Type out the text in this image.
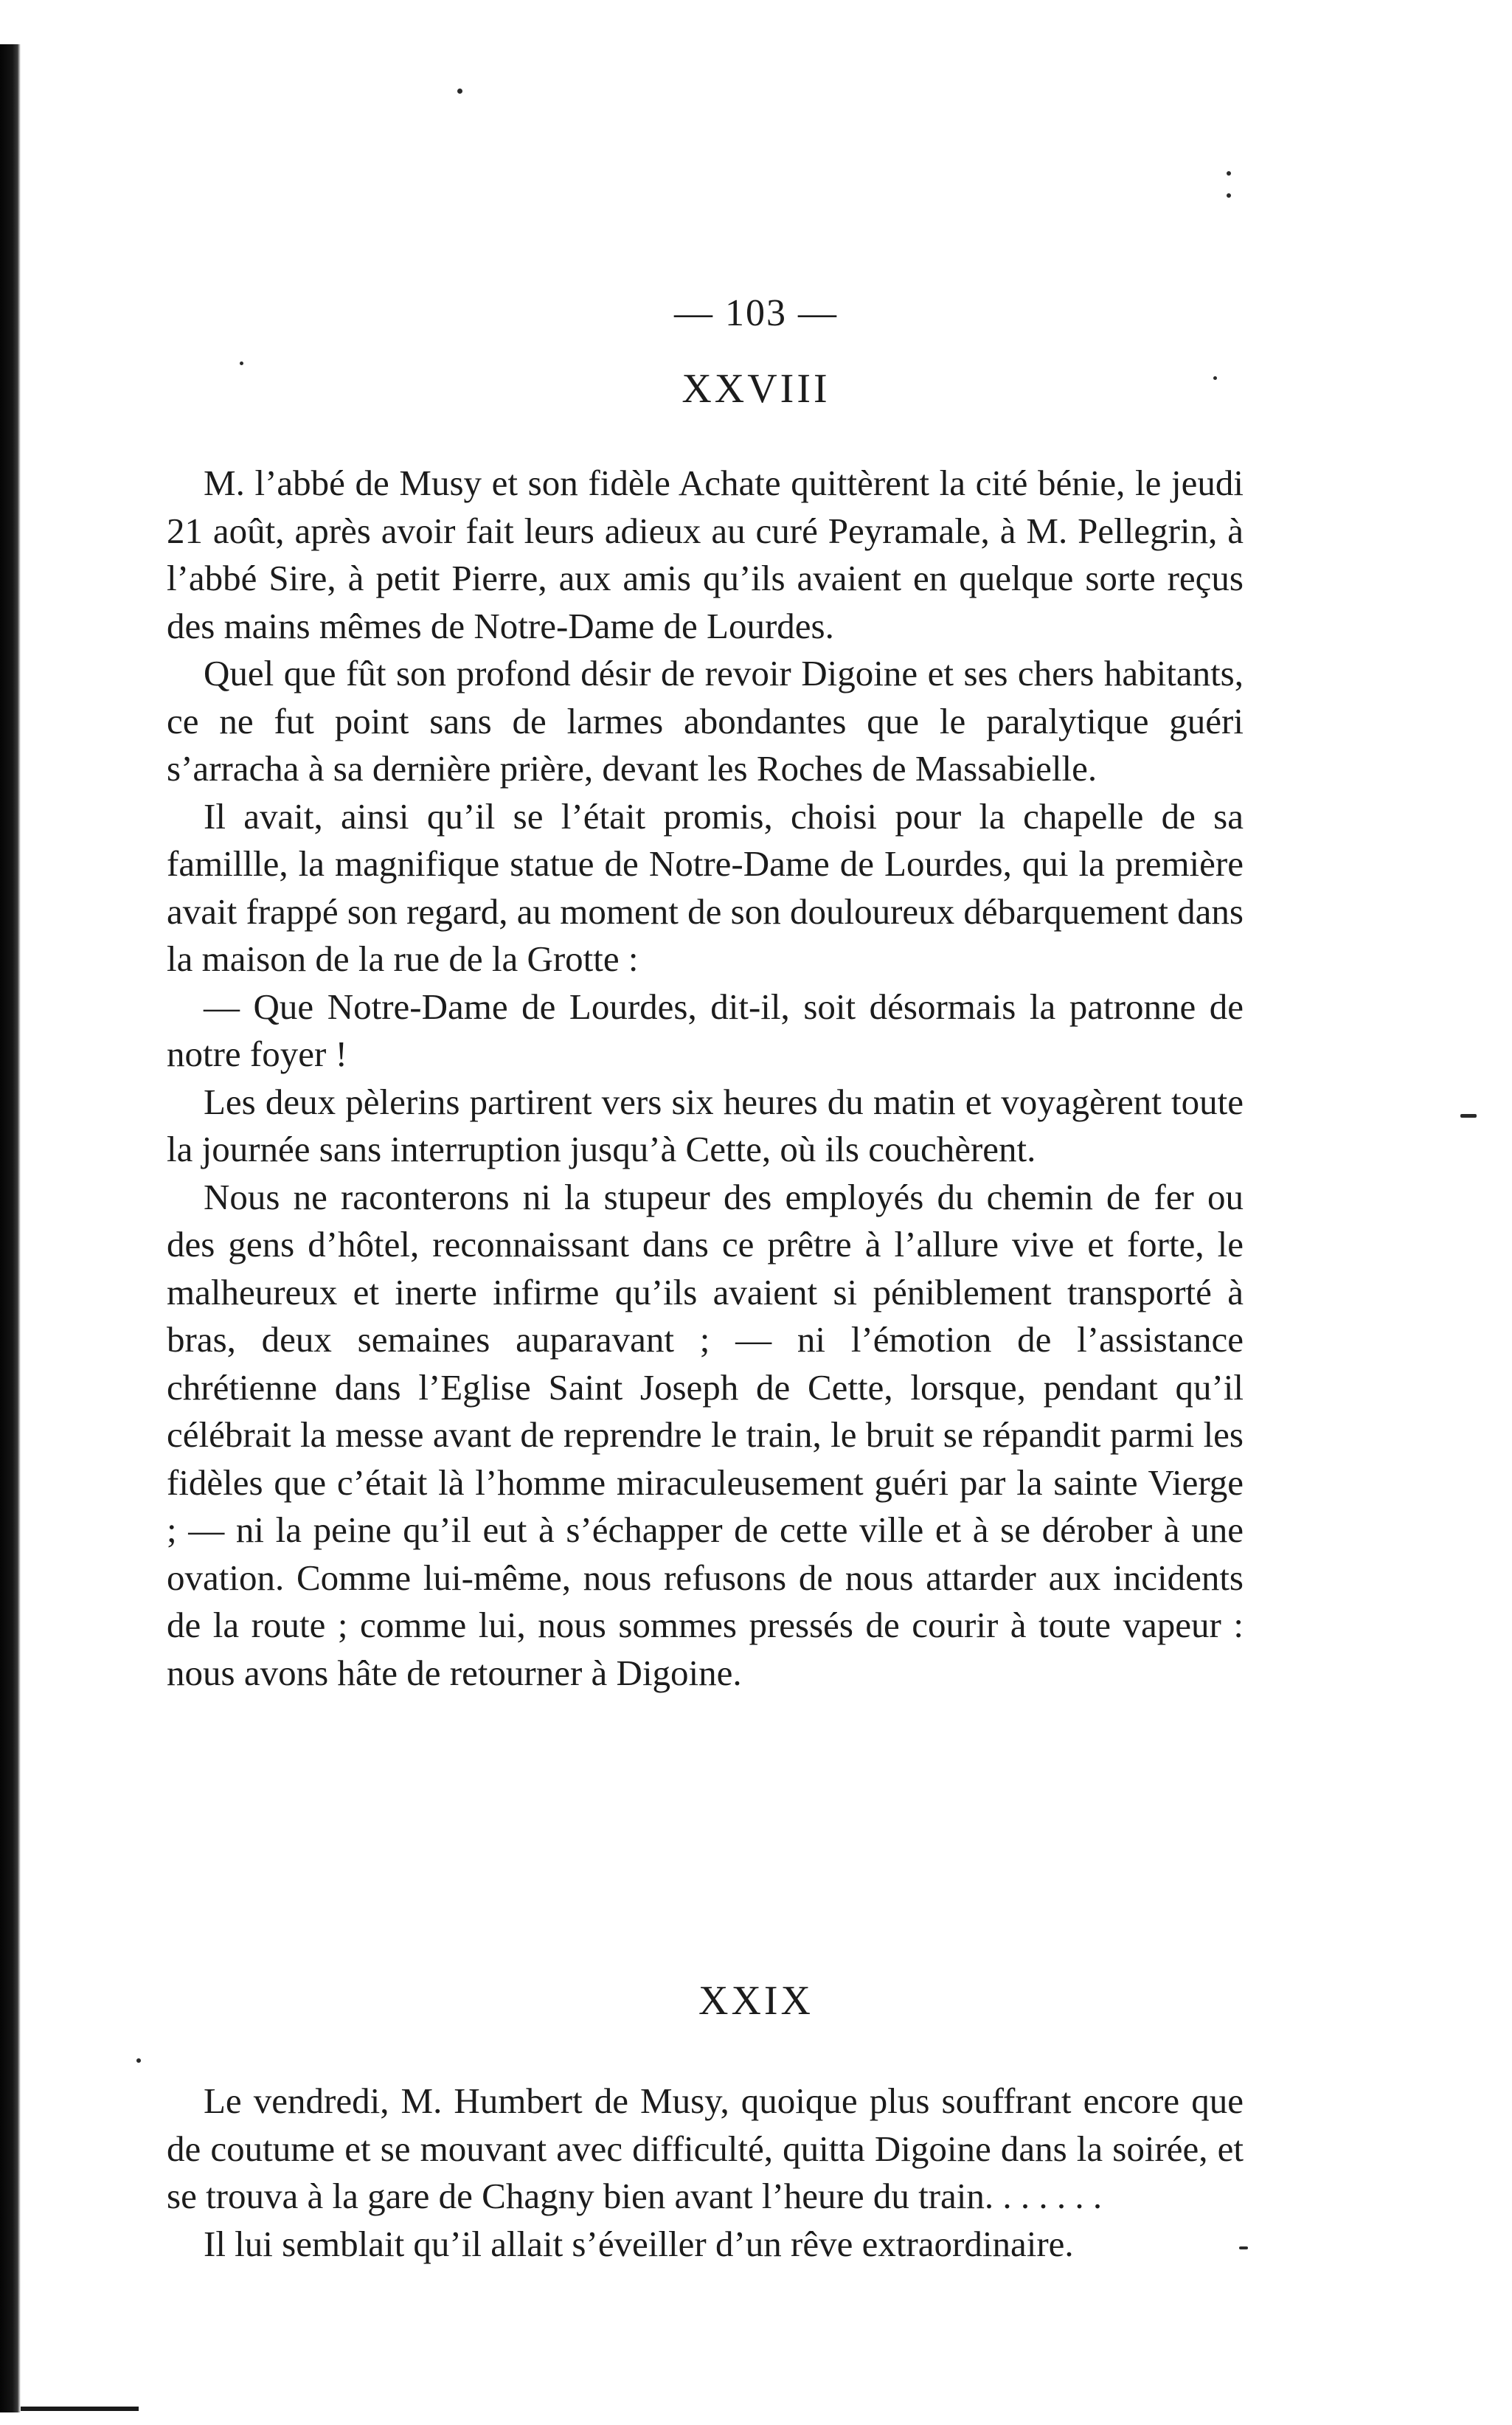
— 103 —
XXVIII

M. l’abbé de Musy et son fidèle Achate quittèrent la cité bénie, le jeudi 21 août, après avoir fait leurs adieux au curé Peyramale, à M. Pellegrin, à l’abbé Sire, à petit Pierre, aux amis qu’ils avaient en quelque sorte reçus des mains mêmes de Notre-Dame de Lourdes.

Quel que fût son profond désir de revoir Digoine et ses chers habitants, ce ne fut point sans de larmes abondantes que le paralytique guéri s’arracha à sa dernière prière, devant les Roches de Massabielle.

Il avait, ainsi qu’il se l’était promis, choisi pour la chapelle de sa famillle, la magnifique statue de Notre-Dame de Lourdes, qui la première avait frappé son regard, au moment de son douloureux débarquement dans la maison de la rue de la Grotte :

— Que Notre-Dame de Lourdes, dit-il, soit désormais la patronne de notre foyer !

Les deux pèlerins partirent vers six heures du matin et voyagèrent toute la journée sans interruption jusqu’à Cette, où ils couchèrent.

Nous ne raconterons ni la stupeur des employés du chemin de fer ou des gens d’hôtel, reconnaissant dans ce prêtre à l’allure vive et forte, le malheureux et inerte infirme qu’ils avaient si péniblement transporté à bras, deux semaines auparavant ; — ni l’émotion de l’assistance chrétienne dans l’Eglise Saint Joseph de Cette, lorsque, pendant qu’il célébrait la messe avant de reprendre le train, le bruit se répandit parmi les fidèles que c’était là l’homme miraculeusement guéri par la sainte Vierge ; — ni la peine qu’il eut à s’échapper de cette ville et à se dérober à une ovation. Comme lui-même, nous refusons de nous attarder aux incidents de la route ; comme lui, nous sommes pressés de courir à toute vapeur : nous avons hâte de retourner à Digoine.

XXIX

Le vendredi, M. Humbert de Musy, quoique plus souffrant encore que de coutume et se mouvant avec difficulté, quitta Digoine dans la soirée, et se trouva à la gare de Chagny bien avant l’heure du train. . . . . . .

Il lui semblait qu’il allait s’éveiller d’un rêve extraordinaire.
